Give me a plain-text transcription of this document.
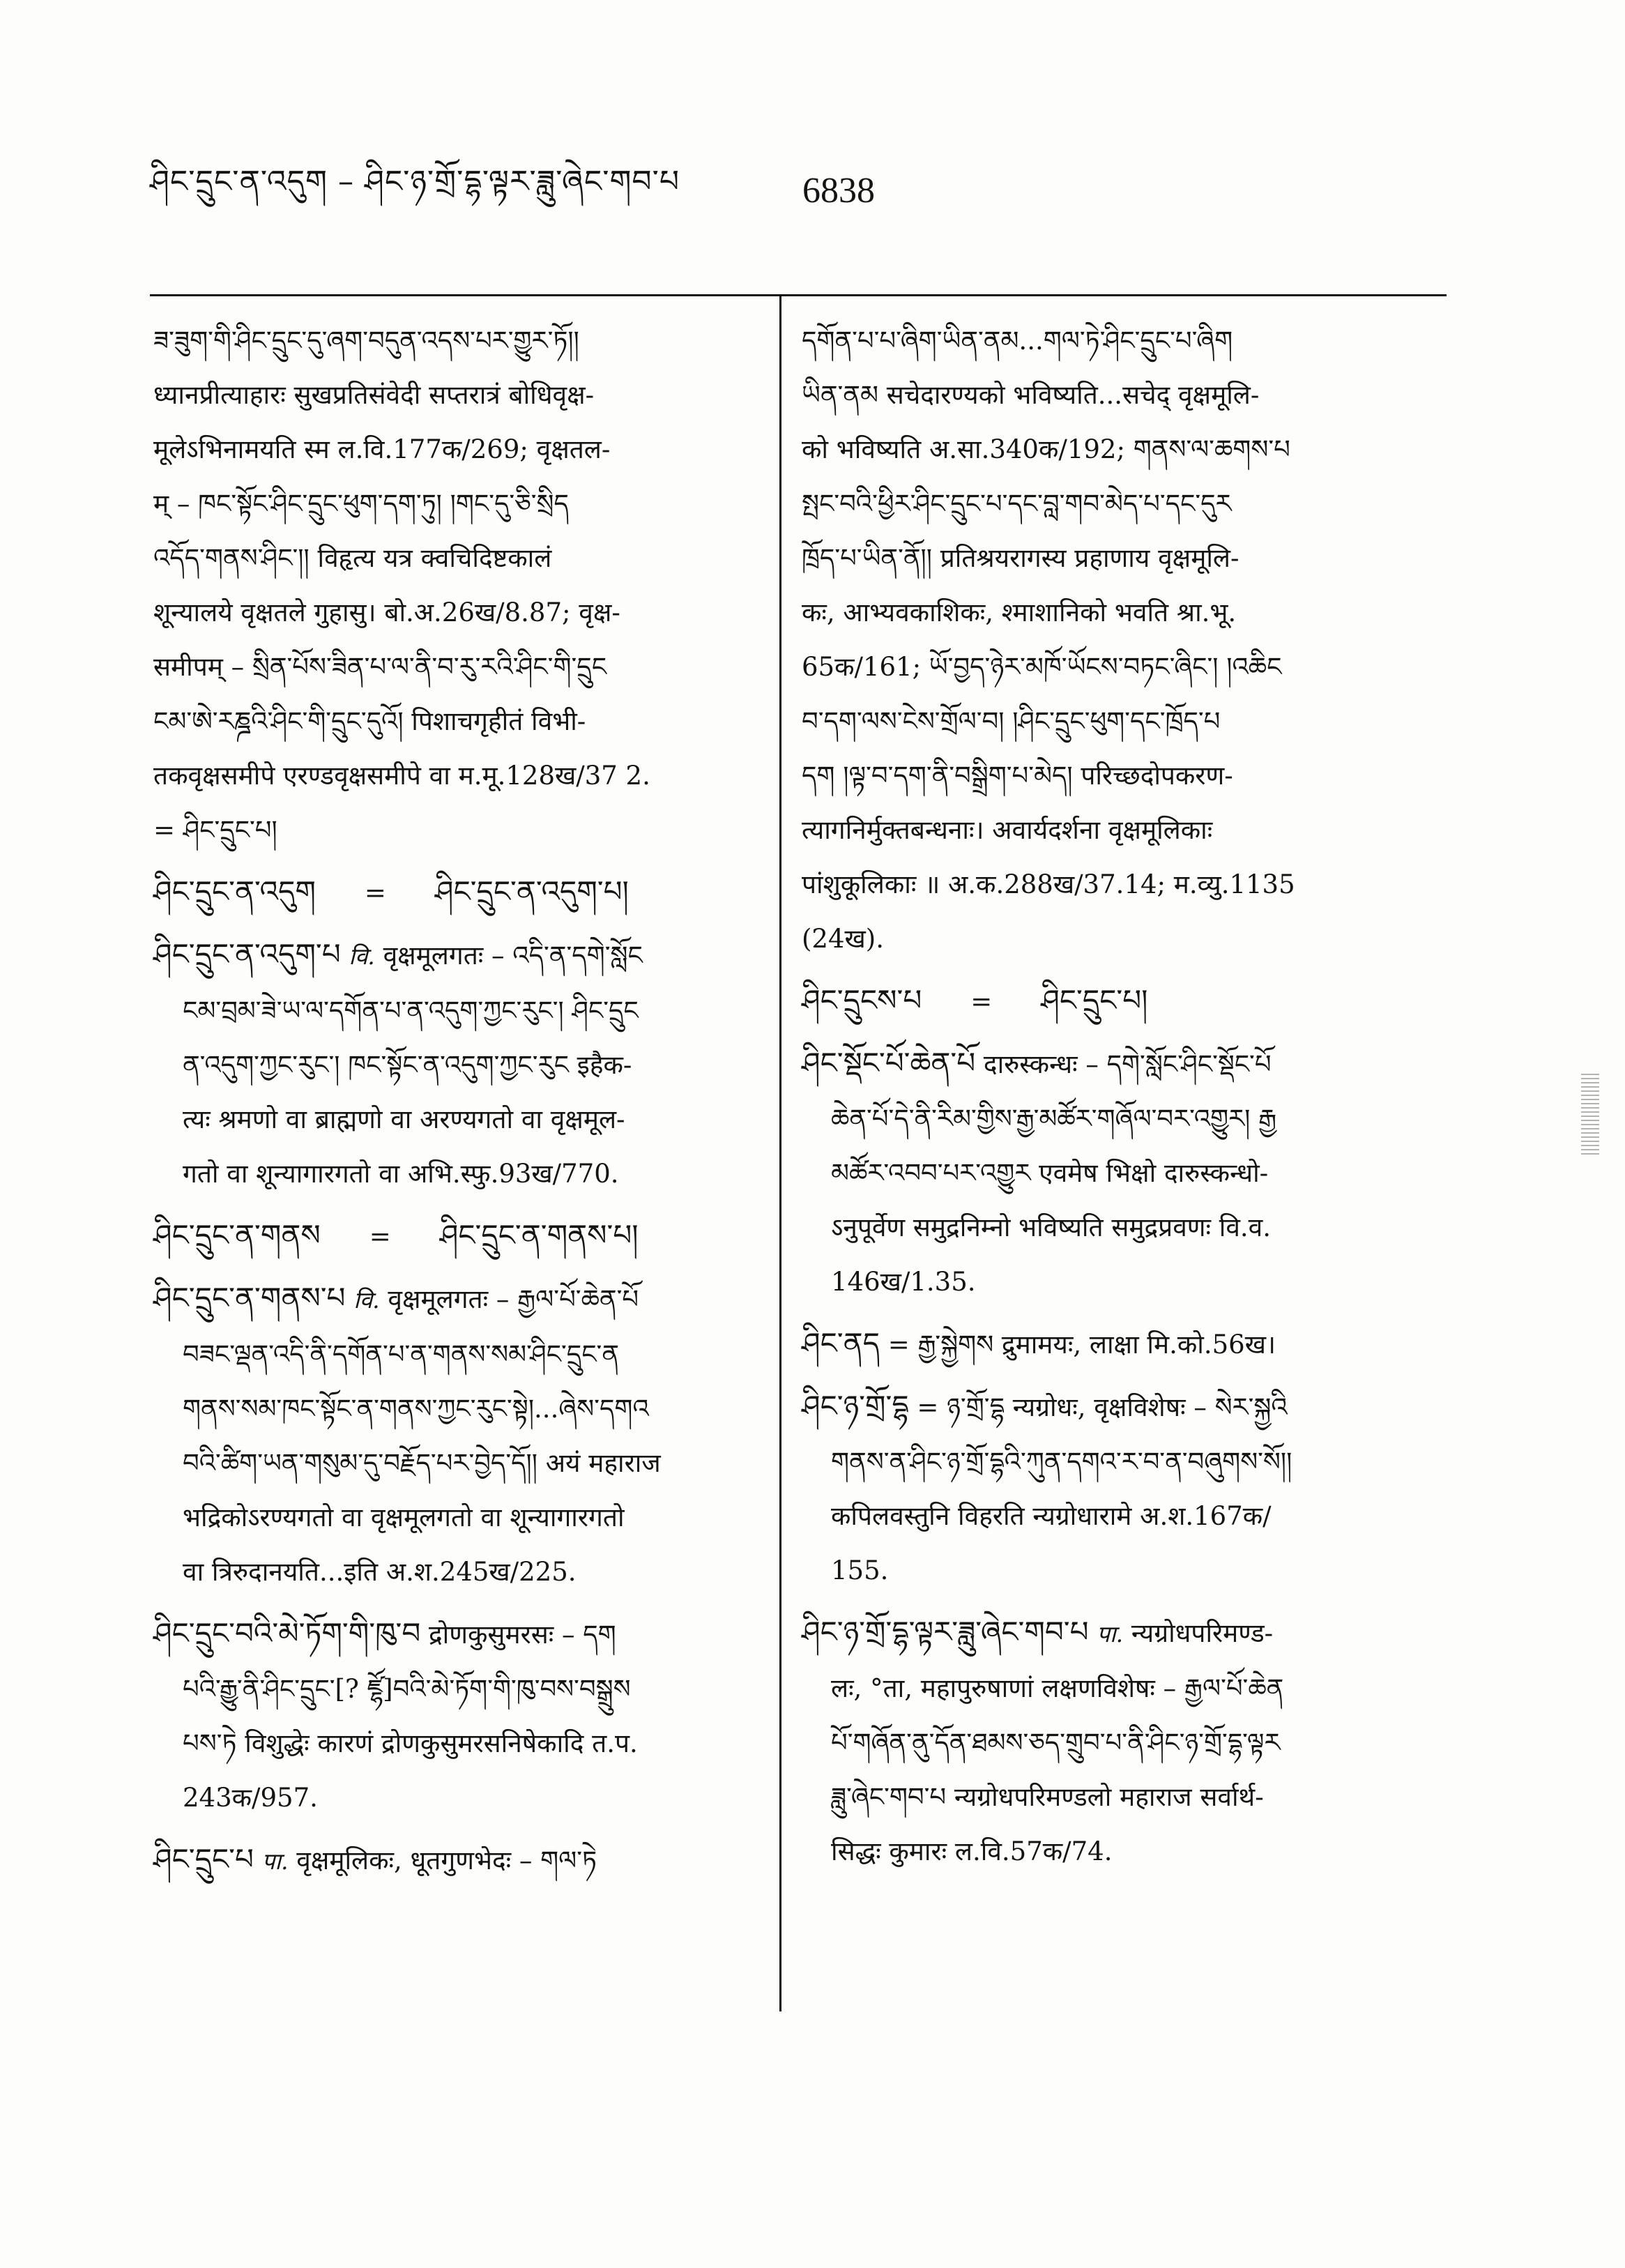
ཤིང་དྲུང་ན་འདུག – ཤིང་ཉ་གྲོ་དྷ་ལྟར་ཟླུ་ཞེང་གབ་པ	6838

ཟ་ཟུག་གི་ཤིང་དྲུང་དུ་ཞག་བདུན་འདས་པར་གྱུར་ཏོ།།

ध्यानप्रीत्याहारः सुखप्रतिसंवेदी सप्तरात्रं बोधिवृक्ष-

मूलेऽभिनामयति स्म ल.वि.177क/269; वृक्षतल-

म् – ཁང་སྟོང་ཤིང་དྲུང་ཕུག་དག་ཏུ། །གང་དུ་ཅི་སྲིད

འདོད་གནས་ཤིང་།། विहृत्य यत्र क्वचिदिष्टकालं

शून्यालये वृक्षतले गुहासु। बो.अ.26ख/8.87; वृक्ष-

समीपम् – སྲིན་པོས་ཟིན་པ་ལ་ནི་བ་རུ་རའི་ཤིང་གི་དྲུང

ངམ་ཨེ་རཎྜའི་ཤིང་གི་དྲུང་དུའོ། पिशाचगृहीतं विभी-

तकवृक्षसमीपे एरण्डवृक्षसमीपे वा म.मू.128ख/37 2.

= ཤིང་དྲུང་པ།

ཤིང་དྲུང་ན་འདུག	=	ཤིང་དྲུང་ན་འདུག་པ།

ཤིང་དྲུང་ན་འདུག་པ वि. वृक्षमूलगतः – འདི་ན་དགེ་སློང

ངམ་བྲམ་ཟེ་ཡ་ལ་དགོན་པ་ན་འདུག་ཀྱང་རུང་། ཤིང་དྲུང

ན་འདུག་ཀྱང་རུང་། ཁང་སྟོང་ན་འདུག་ཀྱང་རུང इहैक-

त्यः श्रमणो वा ब्राह्मणो वा अरण्यगतो वा वृक्षमूल-

गतो वा शून्यागारगतो वा अभि.स्फु.93ख/770.

ཤིང་དྲུང་ན་གནས	=	ཤིང་དྲུང་ན་གནས་པ།

ཤིང་དྲུང་ན་གནས་པ वि. वृक्षमूलगतः – རྒྱལ་པོ་ཆེན་པོ

བཟང་ལྡན་འདི་ནི་དགོན་པ་ན་གནས་སམ་ཤིང་དྲུང་ན

གནས་སམ་ཁང་སྟོང་ན་གནས་ཀྱང་རུང་སྟེ།...ཞེས་དགའ

བའི་ཚིག་ཡན་གསུམ་དུ་བརྗོད་པར་བྱེད་དོ།། अयं महाराज

भद्रिकोऽरण्यगतो वा वृक्षमूलगतो वा शून्यागारगतो

वा त्रिरुदानयति...इति अ.श.245ख/225.

ཤིང་དྲུང་བའི་མེ་ཏོག་གི་ཁུ་བ द्रोणकुसुमरसः – དག

པའི་རྒྱུ་ནི་ཤིང་དྲུང་[? ཛྷོ]བའི་མེ་ཏོག་གི་ཁུ་བས་བསྒྲུས

པས་ཏེ विशुद्धेः कारणं द्रोणकुसुमरसनिषेकादि त.प.

243क/957.

ཤིང་དྲུང་པ पा. वृक्षमूलिकः, धूतगुणभेदः – གལ་ཏེ

དགོན་པ་པ་ཞིག་ཡིན་ནམ...གལ་ཏེ་ཤིང་དྲུང་པ་ཞིག

ཡིན་ནམ सचेदारण्यको भविष्यति...सचेद् वृक्षमूलि-

को भविष्यति अ.सा.340क/192; གནས་ལ་ཆགས་པ

སྤང་བའི་ཕྱིར་ཤིང་དྲུང་པ་དང་བླ་གབ་མེད་པ་དང་དུར

ཁྲོད་པ་ཡིན་ནོ།། प्रतिश्रयरागस्य प्रहाणाय वृक्षमूलि-

कः, आभ्यवकाशिकः, श्माशानिको भवति श्रा.भू.

65क/161; ཡོ་བྱད་ཉེར་མཁོ་ཡོངས་བཏང་ཞིང་། །འཆིང

བ་དག་ལས་ངེས་གྲོལ་བ། །ཤིང་དྲུང་ཕུག་དང་ཁྲོད་པ

དག །ལྟ་བ་དག་ནི་བསྒྲིག་པ་མེད། परिच्छदोपकरण-

त्यागनिर्मुक्तबन्धनाः। अवार्यदर्शना वृक्षमूलिकाः

पांशुकूलिकाः ॥ अ.क.288ख/37.14; म.व्यु.1135

(24ख).

ཤིང་དྲུངས་པ	=	ཤིང་དྲུང་པ།

ཤིང་སྡོང་པོ་ཆེན་པོ दारुस्कन्धः – དགེ་སློང་ཤིང་སྡོང་པོ

ཆེན་པོ་དེ་ནི་རིམ་གྱིས་རྒྱ་མཚོར་གཞོལ་བར་འགྱུར། རྒྱ

མཚོར་འབབ་པར་འགྱུར एवमेष भिक्षो दारुस्कन्धो-

ऽनुपूर्वेण समुद्रनिम्नो भविष्यति समुद्रप्रवणः वि.व.

146ख/1.35.

ཤིང་ནད = རྒྱ་སྐྱེགས द्रुमामयः, लाक्षा मि.को.56ख।

ཤིང་ཉ་གྲོ་དྷ = ཉ་གྲོ་དྷ न्यग्रोधः, वृक्षविशेषः – སེར་སྐྱའི

གནས་ན་ཤིང་ཉ་གྲོ་དྷའི་ཀུན་དགའ་ར་བ་ན་བཞུགས་སོ།།

कपिलवस्तुनि विहरति न्यग्रोधारामे अ.श.167क/

155.

ཤིང་ཉ་གྲོ་དྷ་ལྟར་ཟླུ་ཞེང་གབ་པ पा. न्यग्रोधपरिमण्ड-

लः, °ता, महापुरुषाणां लक्षणविशेषः – རྒྱལ་པོ་ཆེན

པོ་གཞོན་ནུ་དོན་ཐམས་ཅད་གྲུབ་པ་ནི་ཤིང་ཉ་གྲོ་དྷ་ལྟར

ཟླུ་ཞེང་གབ་པ न्यग्रोधपरिमण्डलो महाराज सर्वार्थ-

सिद्धः कुमारः ल.वि.57क/74.
